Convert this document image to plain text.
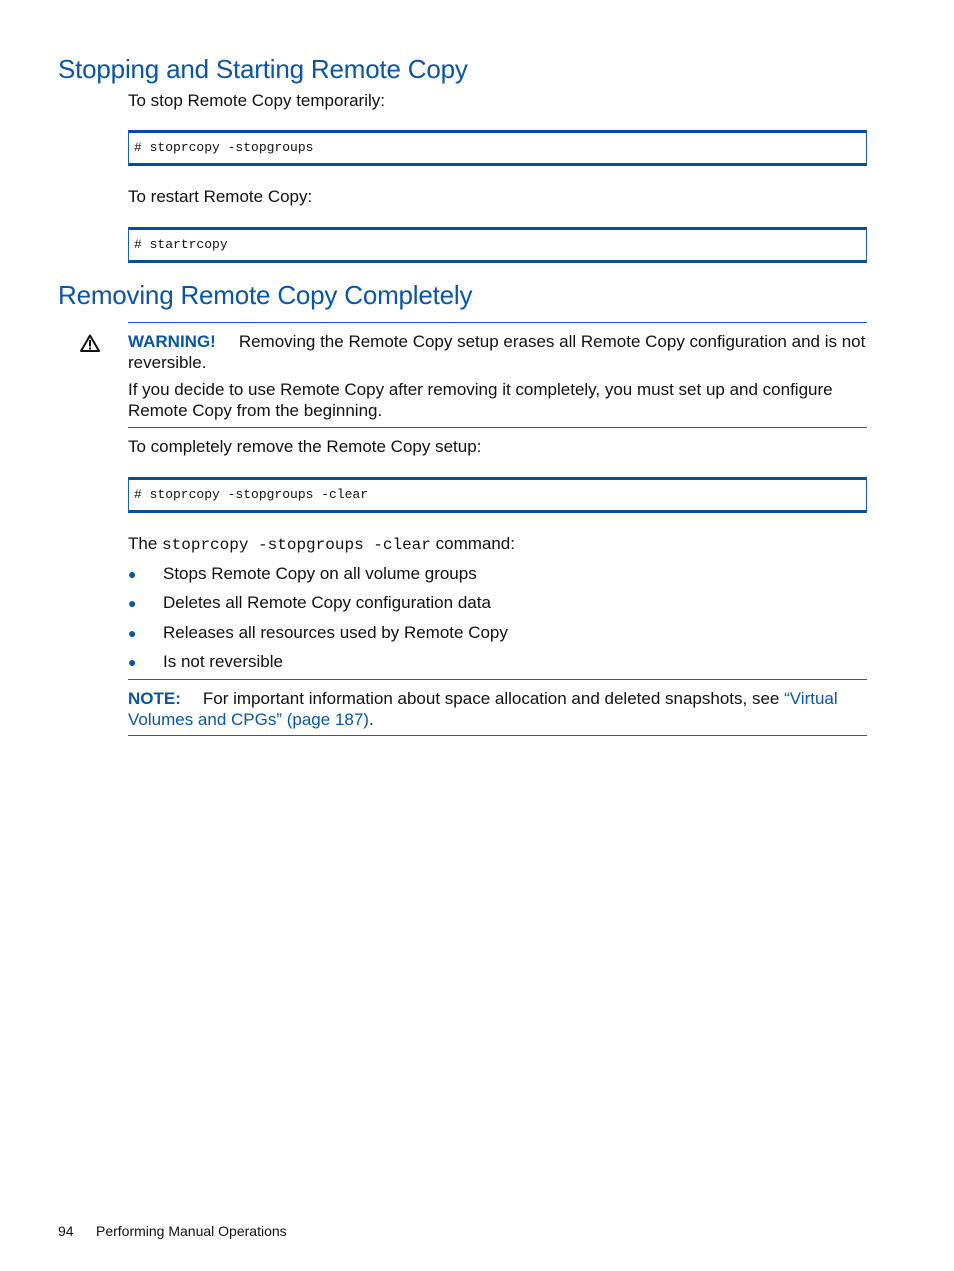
Stopping and Starting Remote Copy

To stop Remote Copy temporarily:

# stoprcopy -stopgroups

To restart Remote Copy:

# startrcopy
Removing Remote Copy Completely

WARNING! Removing the Remote Copy setup erases all Remote Copy configuration and is not

reversible.

If you decide to use Remote Copy after removing it completely, you must set up and configure

Remote Copy from the beginning.

To completely remove the Remote Copy setup:

# stoprcopy -stopgroups -clear

The stoprcopy -stopgroups -clear command:

● Stops Remote Copy on all volume groups
● Deletes all Remote Copy configuration data
● Releases all resources used by Remote Copy
● Is not reversible

NOTE: For important information about space allocation and deleted snapshots, see “Virtual

Volumes and CPGs” (page 187).

94 Performing Manual Operations
